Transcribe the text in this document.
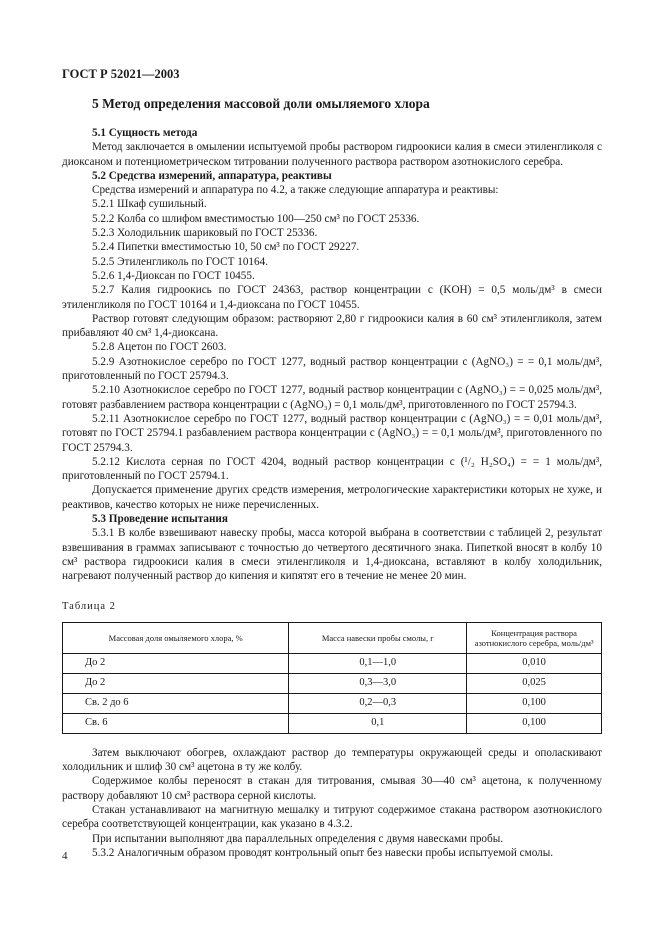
ГОСТ Р 52021—2003
5 Метод определения массовой доли омыляемого хлора

5.1 Сущность метода

Метод заключается в омылении испытуемой пробы раствором гидроокиси калия в смеси этиленгликоля с диоксаном и потенциометрическом титровании полученного раствора раствором азотнокислого серебра.

5.2 Средства измерений, аппаратура, реактивы

Средства измерений и аппаратура по 4.2, а также следующие аппаратура и реактивы:

5.2.1 Шкаф сушильный.

5.2.2 Колба со шлифом вместимостью 100—250 см³ по ГОСТ 25336.

5.2.3 Холодильник шариковый по ГОСТ 25336.

5.2.4 Пипетки вместимостью 10, 50 см³ по ГОСТ 29227.

5.2.5 Этиленгликоль по ГОСТ 10164.

5.2.6 1,4-Диоксан по ГОСТ 10455.

5.2.7 Калия гидроокись по ГОСТ 24363, раствор концентрации c (KOH) = 0,5 моль/дм³ в смеси этиленгликоля по ГОСТ 10164 и 1,4-диоксана по ГОСТ 10455.

Раствор готовят следующим образом: растворяют 2,80 г гидроокиси калия в 60 см³ этиленгликоля, затем прибавляют 40 см³ 1,4-диоксана.

5.2.8 Ацетон по ГОСТ 2603.

5.2.9 Азотнокислое серебро по ГОСТ 1277, водный раствор концентрации c (AgNO₃) = = 0,1 моль/дм³, приготовленный по ГОСТ 25794.3.

5.2.10 Азотнокислое серебро по ГОСТ 1277, водный раствор концентрации c (AgNO₃) = = 0,025 моль/дм³, готовят разбавлением раствора концентрации c (AgNO₃) = 0,1 моль/дм³, приготовленного по ГОСТ 25794.3.

5.2.11 Азотнокислое серебро по ГОСТ 1277, водный раствор концентрации c (AgNO₃) = = 0,01 моль/дм³, готовят по ГОСТ 25794.1 разбавлением раствора концентрации c (AgNO₃) = = 0,1 моль/дм³, приготовленного по ГОСТ 25794.3.

5.2.12 Кислота серная по ГОСТ 4204, водный раствор концентрации c (¹/₂ H₂SO₄) = = 1 моль/дм³, приготовленный по ГОСТ 25794.1.

Допускается применение других средств измерения, метрологические характеристики которых не хуже, и реактивов, качество которых не ниже перечисленных.

5.3 Проведение испытания

5.3.1 В колбе взвешивают навеску пробы, масса которой выбрана в соответствии с таблицей 2, результат взвешивания в граммах записывают с точностью до четвертого десятичного знака. Пипеткой вносят в колбу 10 см³ раствора гидроокиси калия в смеси этиленгликоля и 1,4-диоксана, вставляют в колбу холодильник, нагревают полученный раствор до кипения и кипятят его в течение не менее 20 мин.

Таблица 2
Массовая доля омыляемого хлора, %	Масса навески пробы смолы, г	Концентрация раствора азотнокислого серебра, моль/дм³
До 2	0,1—1,0	0,010
До 2	0,3—3,0	0,025
Св. 2 до 6	0,2—0,3	0,100
Св. 6	0,1	0,100

Затем выключают обогрев, охлаждают раствор до температуры окружающей среды и ополаскивают холодильник и шлиф 30 см³ ацетона в ту же колбу.

Содержимое колбы переносят в стакан для титрования, смывая 30—40 см³ ацетона, к полученному раствору добавляют 10 см³ раствора серной кислоты.

Стакан устанавливают на магнитную мешалку и титруют содержимое стакана раствором азотнокислого серебра соответствующей концентрации, как указано в 4.3.2.

При испытании выполняют два параллельных определения с двумя навесками пробы.

5.3.2 Аналогичным образом проводят контрольный опыт без навески пробы испытуемой смолы.

4
